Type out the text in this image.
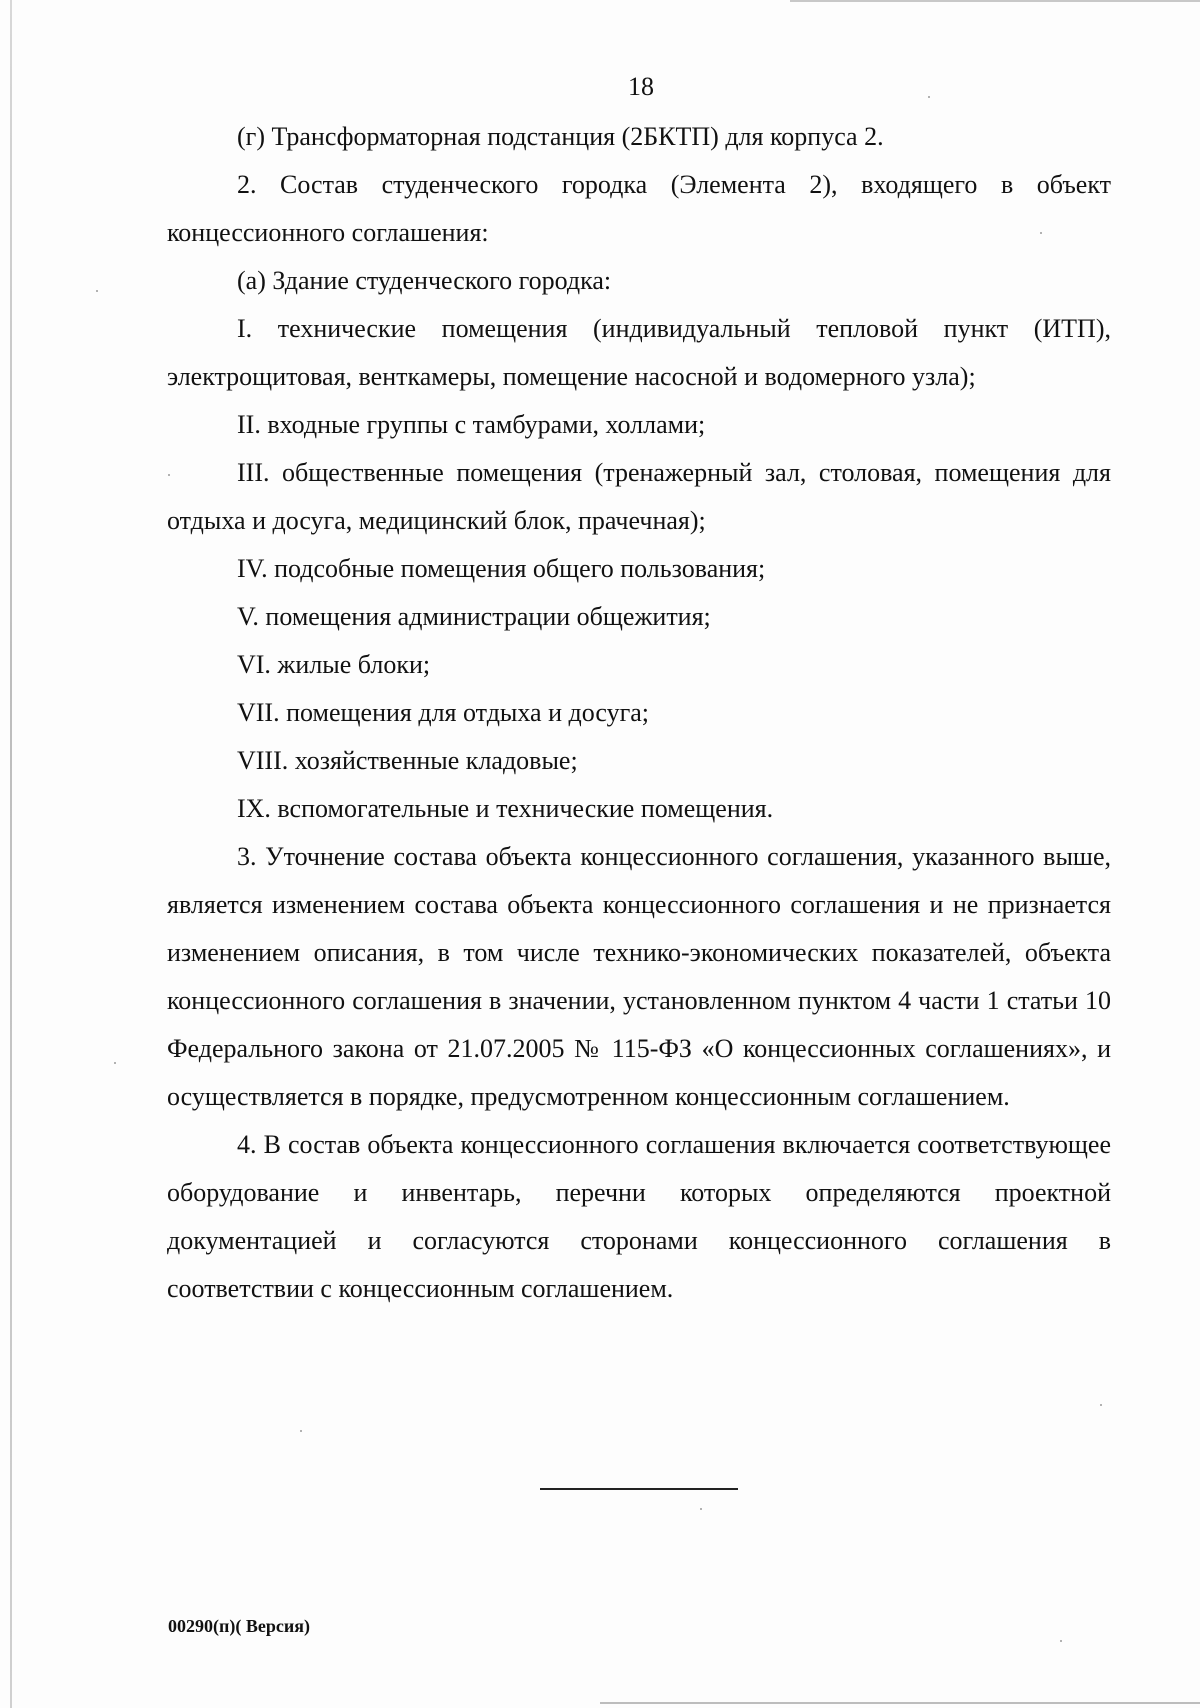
18

(г) Трансформаторная подстанция (2БКТП) для корпуса 2.

2. Состав студенческого городка (Элемента 2), входящего в объект концессионного соглашения:

(а) Здание студенческого городка:

I. технические помещения (индивидуальный тепловой пункт (ИТП), электрощитовая, венткамеры, помещение насосной и водомерного узла);

II. входные группы с тамбурами, холлами;

III. общественные помещения (тренажерный зал, столовая, помещения для отдыха и досуга, медицинский блок, прачечная);

IV. подсобные помещения общего пользования;

V. помещения администрации общежития;

VI. жилые блоки;

VII. помещения для отдыха и досуга;

VIII. хозяйственные кладовые;

IX. вспомогательные и технические помещения.

3. Уточнение состава объекта концессионного соглашения, указанного выше, является изменением состава объекта концессионного соглашения и не признается изменением описания, в том числе технико-экономических показателей, объекта концессионного соглашения в значении, установленном пунктом 4 части 1 статьи 10 Федерального закона от 21.07.2005 № 115-ФЗ «О концессионных соглашениях», и осуществляется в порядке, предусмотренном концессионным соглашением.

4. В состав объекта концессионного соглашения включается соответствующее оборудование и инвентарь, перечни которых определяются проектной документацией и согласуются сторонами концессионного соглашения в соответствии с концессионным соглашением.

00290(п)( Версия)
